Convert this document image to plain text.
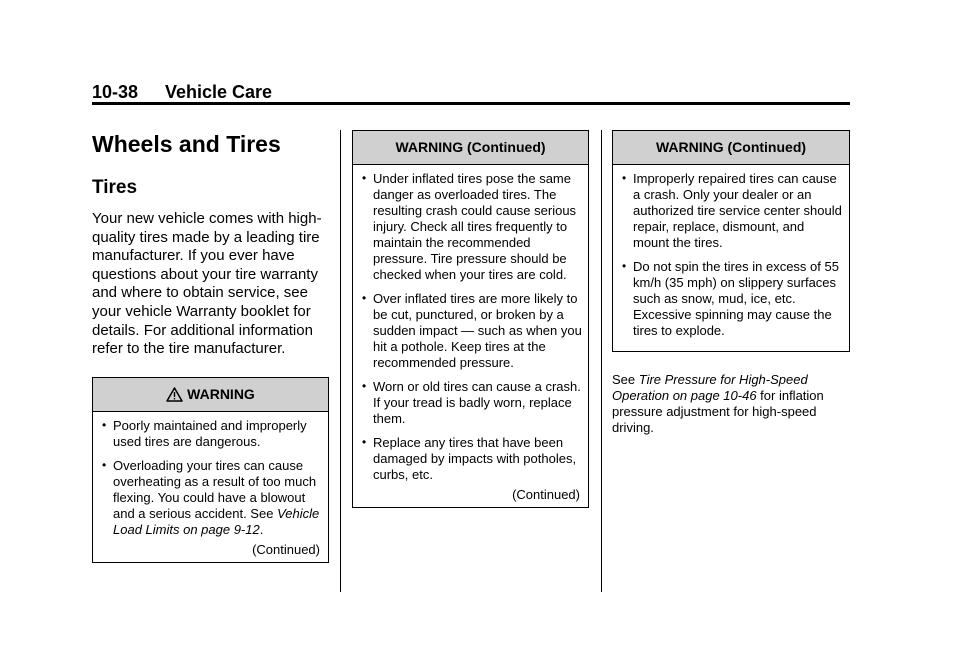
10-38 Vehicle Care
Wheels and Tires
Tires

Your new vehicle comes with high-quality tires made by a leading tire manufacturer. If you ever have questions about your tire warranty and where to obtain service, see your vehicle Warranty booklet for details. For additional information refer to the tire manufacturer.

WARNING
• Poorly maintained and improperly used tires are dangerous.
• Overloading your tires can cause overheating as a result of too much flexing. You could have a blowout and a serious accident. See Vehicle Load Limits on page 9-12.
(Continued)
WARNING (Continued)
• Under inflated tires pose the same danger as overloaded tires. The resulting crash could cause serious injury. Check all tires frequently to maintain the recommended pressure. Tire pressure should be checked when your tires are cold.
• Over inflated tires are more likely to be cut, punctured, or broken by a sudden impact — such as when you hit a pothole. Keep tires at the recommended pressure.
• Worn or old tires can cause a crash. If your tread is badly worn, replace them.
• Replace any tires that have been damaged by impacts with potholes, curbs, etc.
(Continued)
WARNING (Continued)
• Improperly repaired tires can cause a crash. Only your dealer or an authorized tire service center should repair, replace, dismount, and mount the tires.
• Do not spin the tires in excess of 55 km/h (35 mph) on slippery surfaces such as snow, mud, ice, etc. Excessive spinning may cause the tires to explode.
See Tire Pressure for High-Speed Operation on page 10-46 for inflation pressure adjustment for high-speed driving.
